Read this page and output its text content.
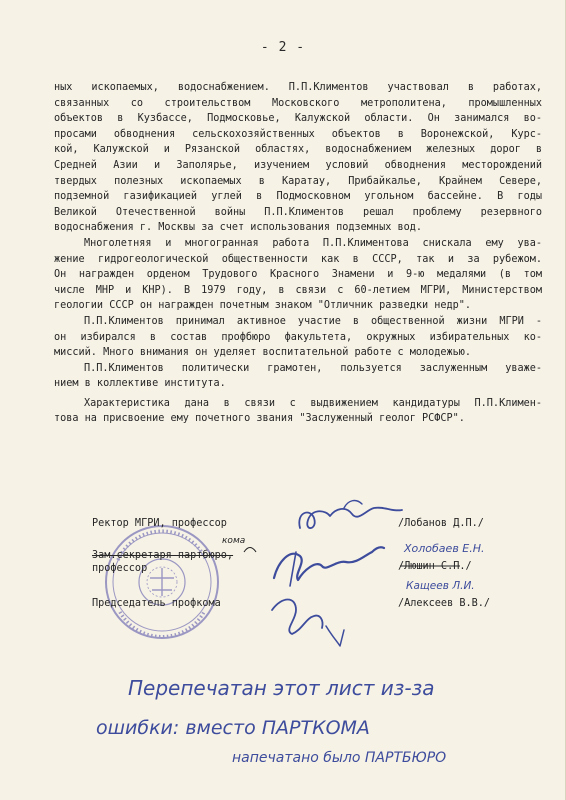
- 2 -
ных ископаемых, водоснабжением. П.П.Климентов участвовал в работах,
связанных со строительством Московского метрополитена, промышленных
объектов в Кузбассе, Подмосковье, Калужской области. Он занимался во-
просами обводнения сельскохозяйственных объектов в Воронежской, Курс-
кой, Калужской и Рязанской областях, водоснабжением железных дорог в
Средней Азии и Заполярье, изучением условий обводнения месторождений
твердых полезных ископаемых в Каратау, Прибайкалье, Крайнем Севере,
подземной газификацией углей в Подмосковном угольном бассейне. В годы
Великой Отечественной войны П.П.Климентов решал проблему резервного
водоснабжения г. Москвы за счет использования подземных вод.
Многолетняя и многогранная работа П.П.Климентова снискала ему ува-
жение гидрогеологической общественности как в СССР, так и за рубежом.
Он награжден орденом Трудового Красного Знамени и 9-ю медалями (в том
числе МНР и КНР). В 1979 году, в связи с 60-летием МГРИ, Министерством
геологии СССР он награжден почетным знаком "Отличник разведки недр".
П.П.Климентов принимал активное участие в общественной жизни МГРИ -
он избирался в состав профбюро факультета, окружных избирательных ко-
миссий. Много внимания он уделяет воспитательной работе с молодежью.
П.П.Климентов политически грамотен, пользуется заслуженным уваже-
нием в коллективе института.
Характеристика дана в связи с выдвижением кандидатуры П.П.Климен-
това на присвоение ему почетного звания "Заслуженный геолог РСФСР".
Ректор МГРИ, профессор	/Лобанов Д.П./
кома
Зам.секретаря партбюро,
профессор
Холобаев Е.Н.
/Люшин С.П./
Председатель профкома
Кащеев Л.И.
/Алексеев В.В./
Перепечатан этот лист из-за
ошибки: вместо ПАРТКОМА
напечатано было ПАРТБЮРО
